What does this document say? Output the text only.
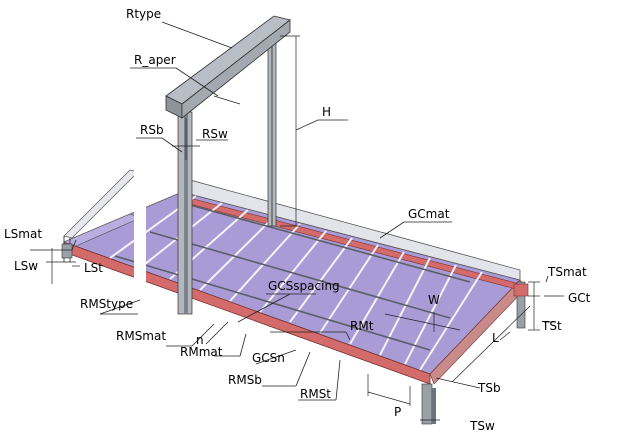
Rtype
R_aper
RSb	RSw
H
GCmat
LSmat
LSw	LSt
RMStype
RMSmat n
RMmat GCSn
RMSb
RMSt
GCSspacing
RMt
W
L
TSmat
GCt
TSt
TSb
TSw
P
